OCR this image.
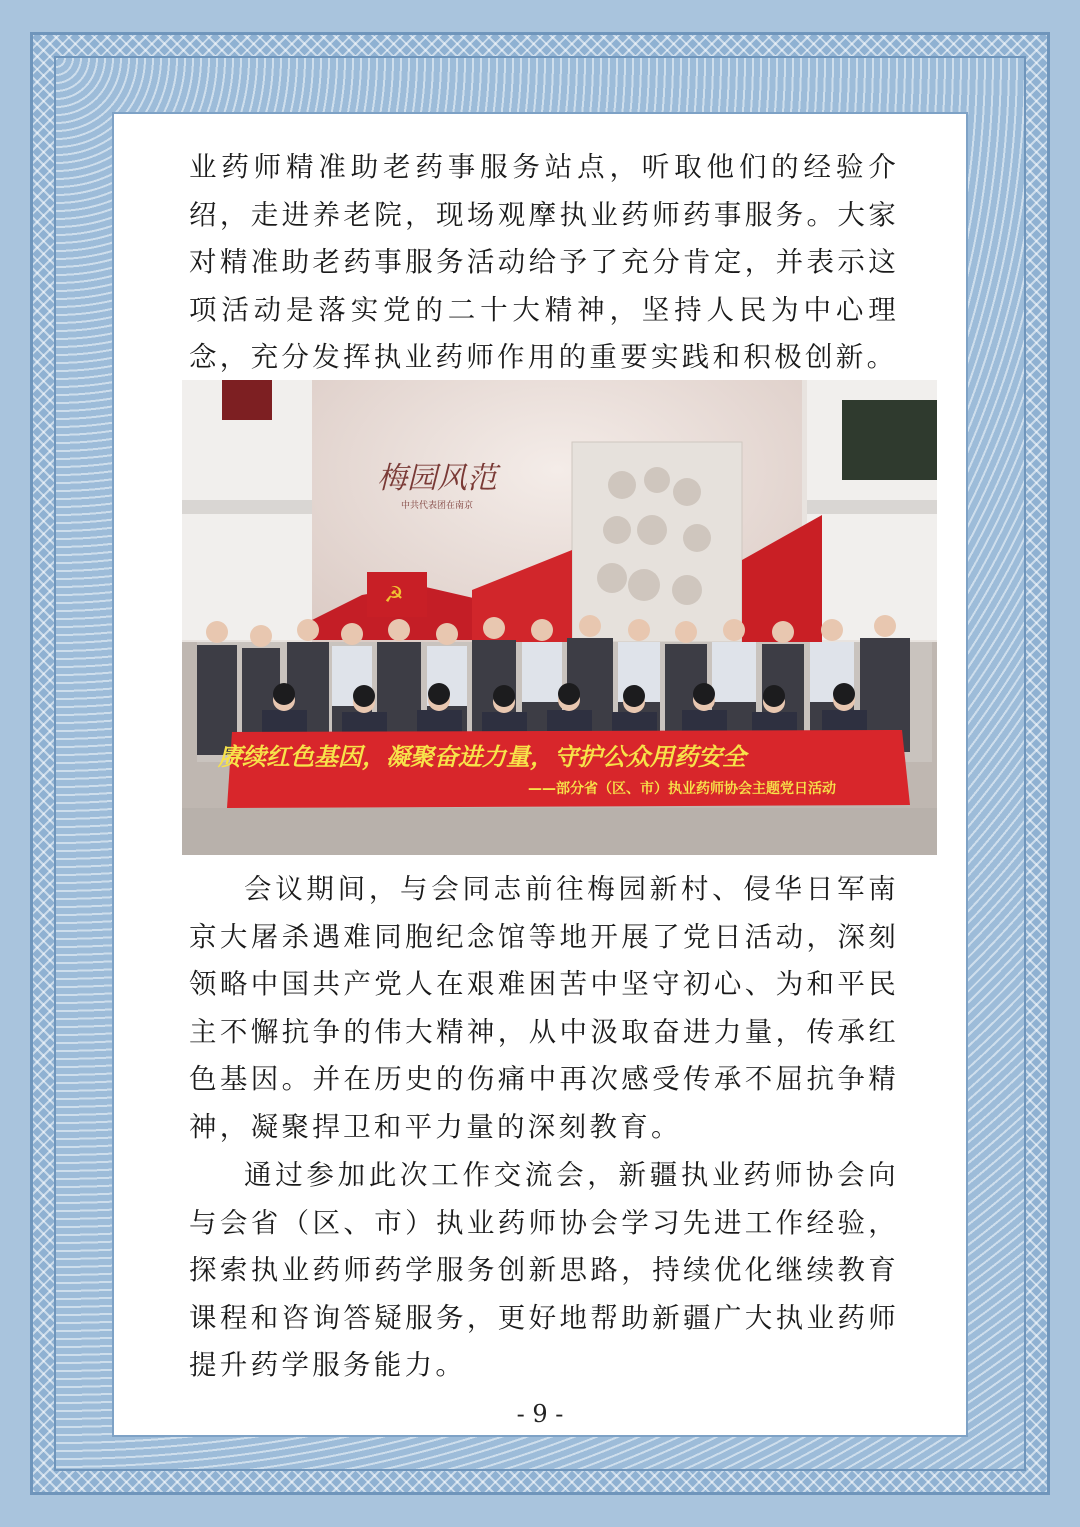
业药师精准助老药事服务站点，听取他们的经验介绍，走进养老院，现场观摩执业药师药事服务。大家对精准助老药事服务活动给予了充分肯定，并表示这项活动是落实党的二十大精神，坚持人民为中心理念，充分发挥执业药师作用的重要实践和积极创新。

梅园风范
中共代表团在南京
☭
赓续红色基因，凝聚奋进力量，守护公众用药安全
——部分省（区、市）执业药师协会主题党日活动

会议期间，与会同志前往梅园新村、侵华日军南京大屠杀遇难同胞纪念馆等地开展了党日活动，深刻领略中国共产党人在艰难困苦中坚守初心、为和平民主不懈抗争的伟大精神，从中汲取奋进力量，传承红色基因。并在历史的伤痛中再次感受传承不屈抗争精神，凝聚捍卫和平力量的深刻教育。

通过参加此次工作交流会，新疆执业药师协会向与会省（区、市）执业药师协会学习先进工作经验，探索执业药师药学服务创新思路，持续优化继续教育课程和咨询答疑服务，更好地帮助新疆广大执业药师提升药学服务能力。

- 9 -
